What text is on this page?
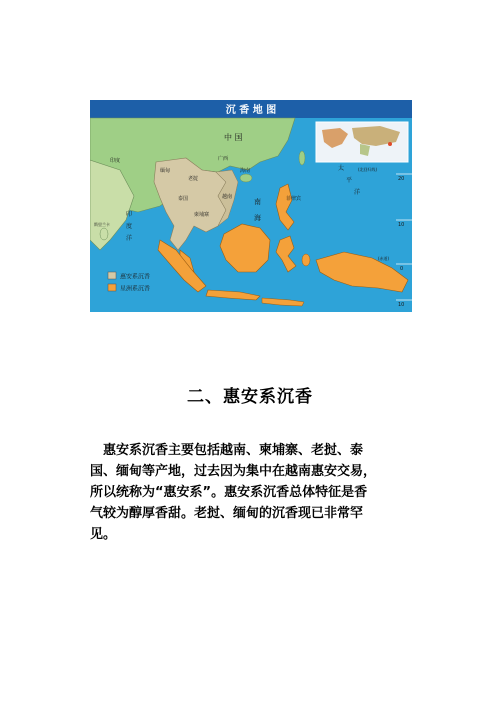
沉 香 地 图
惠安系沉香
星洲系沉香
中 国
印度
缅甸
老挝
广西
海南
越南
泰国
柬埔寨
南
海
菲律宾
印
度
洋
太
平
洋
斯里兰卡
(北回归线)
(赤道)
20
10
0
10
二、惠安系沉香
惠安系沉香主要包括越南、柬埔寨、老挝、泰
国、缅甸等产地，过去因为集中在越南惠安交易，
所以统称为“惠安系”。惠安系沉香总体特征是香
气较为醇厚香甜。老挝、缅甸的沉香现已非常罕
见。
